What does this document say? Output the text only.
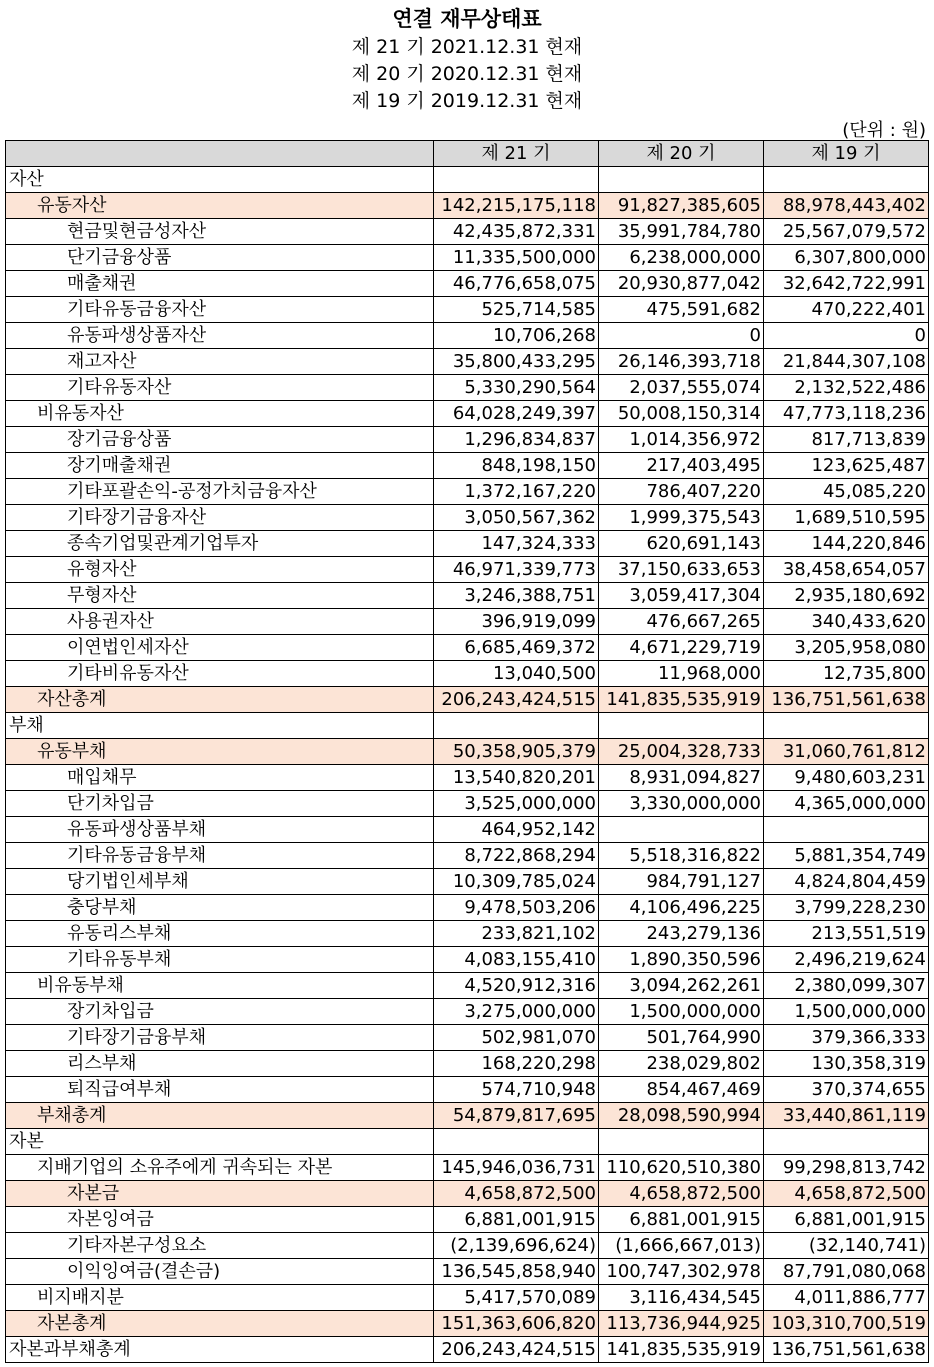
연결 재무상태표
제 21 기 2021.12.31 현재
제 20 기 2020.12.31 현재
제 19 기 2019.12.31 현재
(단위 : 원)
	제 21 기	제 20 기	제 19 기
자산			
유동자산	142,215,175,118	91,827,385,605	88,978,443,402
현금및현금성자산	42,435,872,331	35,991,784,780	25,567,079,572
단기금융상품	11,335,500,000	6,238,000,000	6,307,800,000
매출채권	46,776,658,075	20,930,877,042	32,642,722,991
기타유동금융자산	525,714,585	475,591,682	470,222,401
유동파생상품자산	10,706,268	0	0
재고자산	35,800,433,295	26,146,393,718	21,844,307,108
기타유동자산	5,330,290,564	2,037,555,074	2,132,522,486
비유동자산	64,028,249,397	50,008,150,314	47,773,118,236
장기금융상품	1,296,834,837	1,014,356,972	817,713,839
장기매출채권	848,198,150	217,403,495	123,625,487
기타포괄손익-공정가치금융자산	1,372,167,220	786,407,220	45,085,220
기타장기금융자산	3,050,567,362	1,999,375,543	1,689,510,595
종속기업및관계기업투자	147,324,333	620,691,143	144,220,846
유형자산	46,971,339,773	37,150,633,653	38,458,654,057
무형자산	3,246,388,751	3,059,417,304	2,935,180,692
사용권자산	396,919,099	476,667,265	340,433,620
이연법인세자산	6,685,469,372	4,671,229,719	3,205,958,080
기타비유동자산	13,040,500	11,968,000	12,735,800
자산총계	206,243,424,515	141,835,535,919	136,751,561,638
부채			
유동부채	50,358,905,379	25,004,328,733	31,060,761,812
매입채무	13,540,820,201	8,931,094,827	9,480,603,231
단기차입금	3,525,000,000	3,330,000,000	4,365,000,000
유동파생상품부채	464,952,142		
기타유동금융부채	8,722,868,294	5,518,316,822	5,881,354,749
당기법인세부채	10,309,785,024	984,791,127	4,824,804,459
충당부채	9,478,503,206	4,106,496,225	3,799,228,230
유동리스부채	233,821,102	243,279,136	213,551,519
기타유동부채	4,083,155,410	1,890,350,596	2,496,219,624
비유동부채	4,520,912,316	3,094,262,261	2,380,099,307
장기차입금	3,275,000,000	1,500,000,000	1,500,000,000
기타장기금융부채	502,981,070	501,764,990	379,366,333
리스부채	168,220,298	238,029,802	130,358,319
퇴직급여부채	574,710,948	854,467,469	370,374,655
부채총계	54,879,817,695	28,098,590,994	33,440,861,119
자본			
지배기업의 소유주에게 귀속되는 자본	145,946,036,731	110,620,510,380	99,298,813,742
자본금	4,658,872,500	4,658,872,500	4,658,872,500
자본잉여금	6,881,001,915	6,881,001,915	6,881,001,915
기타자본구성요소	(2,139,696,624)	(1,666,667,013)	(32,140,741)
이익잉여금(결손금)	136,545,858,940	100,747,302,978	87,791,080,068
비지배지분	5,417,570,089	3,116,434,545	4,011,886,777
자본총계	151,363,606,820	113,736,944,925	103,310,700,519
자본과부채총계	206,243,424,515	141,835,535,919	136,751,561,638
